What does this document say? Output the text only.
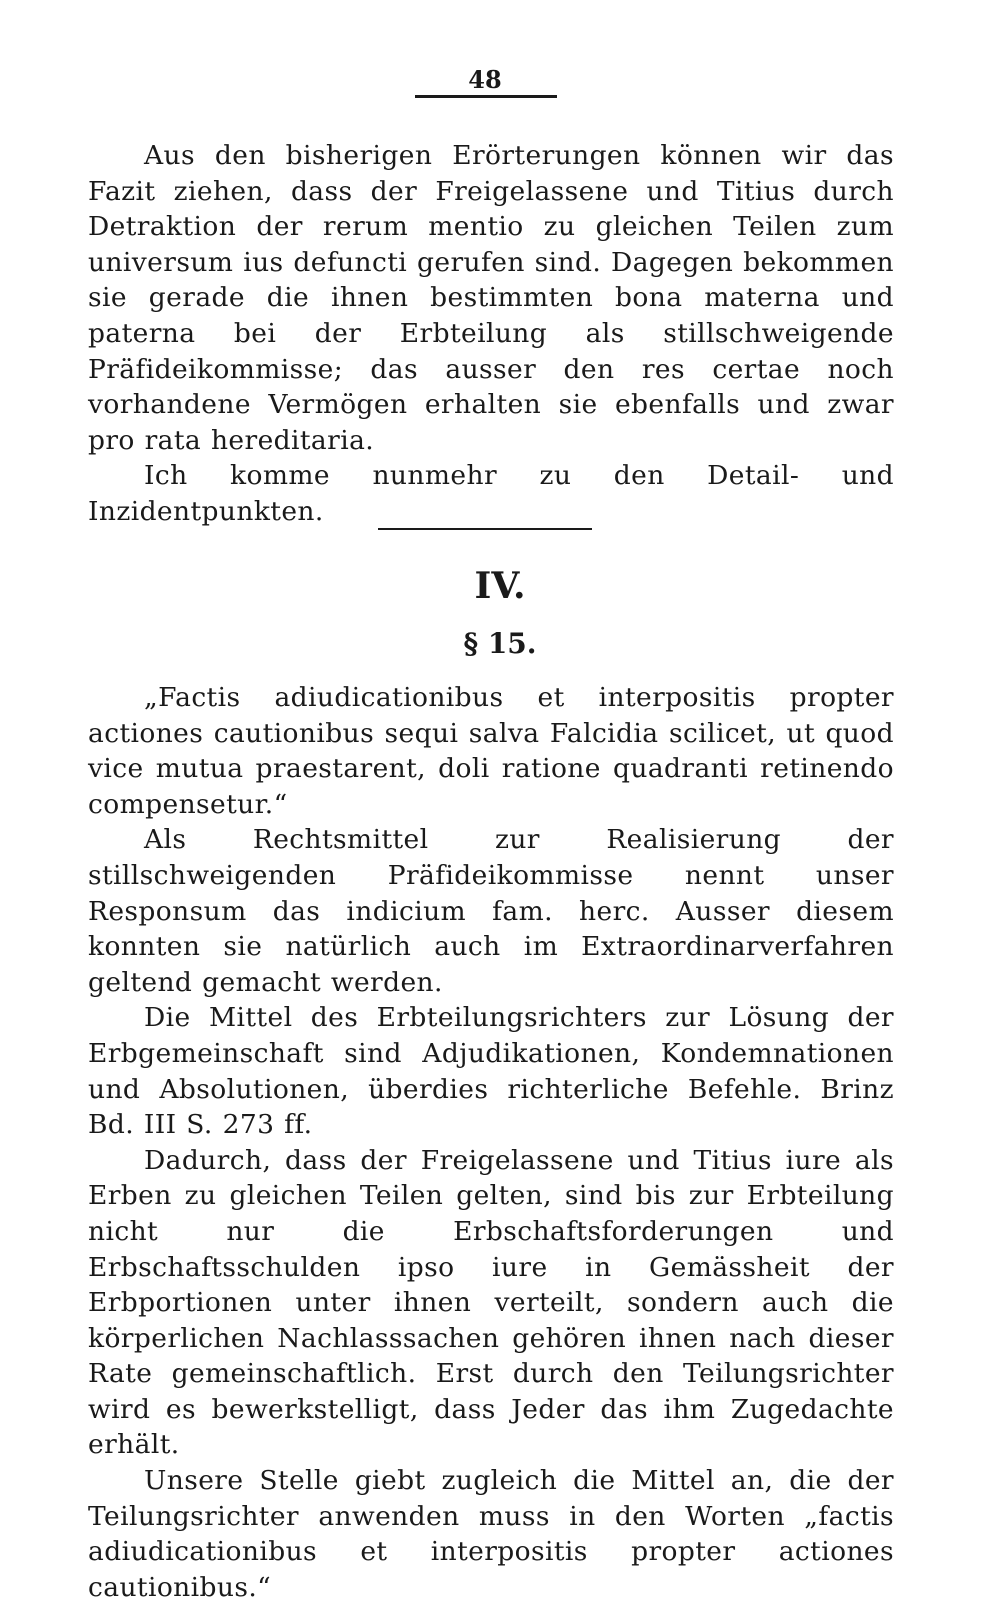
48

Aus den bisherigen Erörterungen können wir das Fazit ziehen, dass der Freigelassene und Titius durch Detraktion der rerum mentio zu gleichen Teilen zum universum ius defuncti gerufen sind. Dagegen bekommen sie gerade die ihnen bestimmten bona materna und paterna bei der Erbteilung als stillschweigende Präfideikommisse; das ausser den res certae noch vorhandene Vermögen erhalten sie ebenfalls und zwar pro rata hereditaria.

Ich komme nunmehr zu den Detail- und Inzidentpunkten.

IV.
§ 15.

„Factis adiudicationibus et interpositis propter actiones cautionibus sequi salva Falcidia scilicet, ut quod vice mutua praestarent, doli ratione quadranti retinendo compensetur.“

Als Rechtsmittel zur Realisierung der stillschweigenden Präfideikommisse nennt unser Responsum das indicium fam. herc. Ausser diesem konnten sie natürlich auch im Extraordinarverfahren geltend gemacht werden.

Die Mittel des Erbteilungsrichters zur Lösung der Erbgemeinschaft sind Adjudikationen, Kondemnationen und Absolutionen, überdies richterliche Befehle. Brinz Bd. III S. 273 ff.

Dadurch, dass der Freigelassene und Titius iure als Erben zu gleichen Teilen gelten, sind bis zur Erbteilung nicht nur die Erbschaftsforderungen und Erbschaftsschulden ipso iure in Gemässheit der Erbportionen unter ihnen verteilt, sondern auch die körperlichen Nachlasssachen gehören ihnen nach dieser Rate gemeinschaftlich. Erst durch den Teilungsrichter wird es bewerkstelligt, dass Jeder das ihm Zugedachte erhält.

Unsere Stelle giebt zugleich die Mittel an, die der Teilungsrichter anwenden muss in den Worten „factis adiudicationibus et interpositis propter actiones cautionibus.“
